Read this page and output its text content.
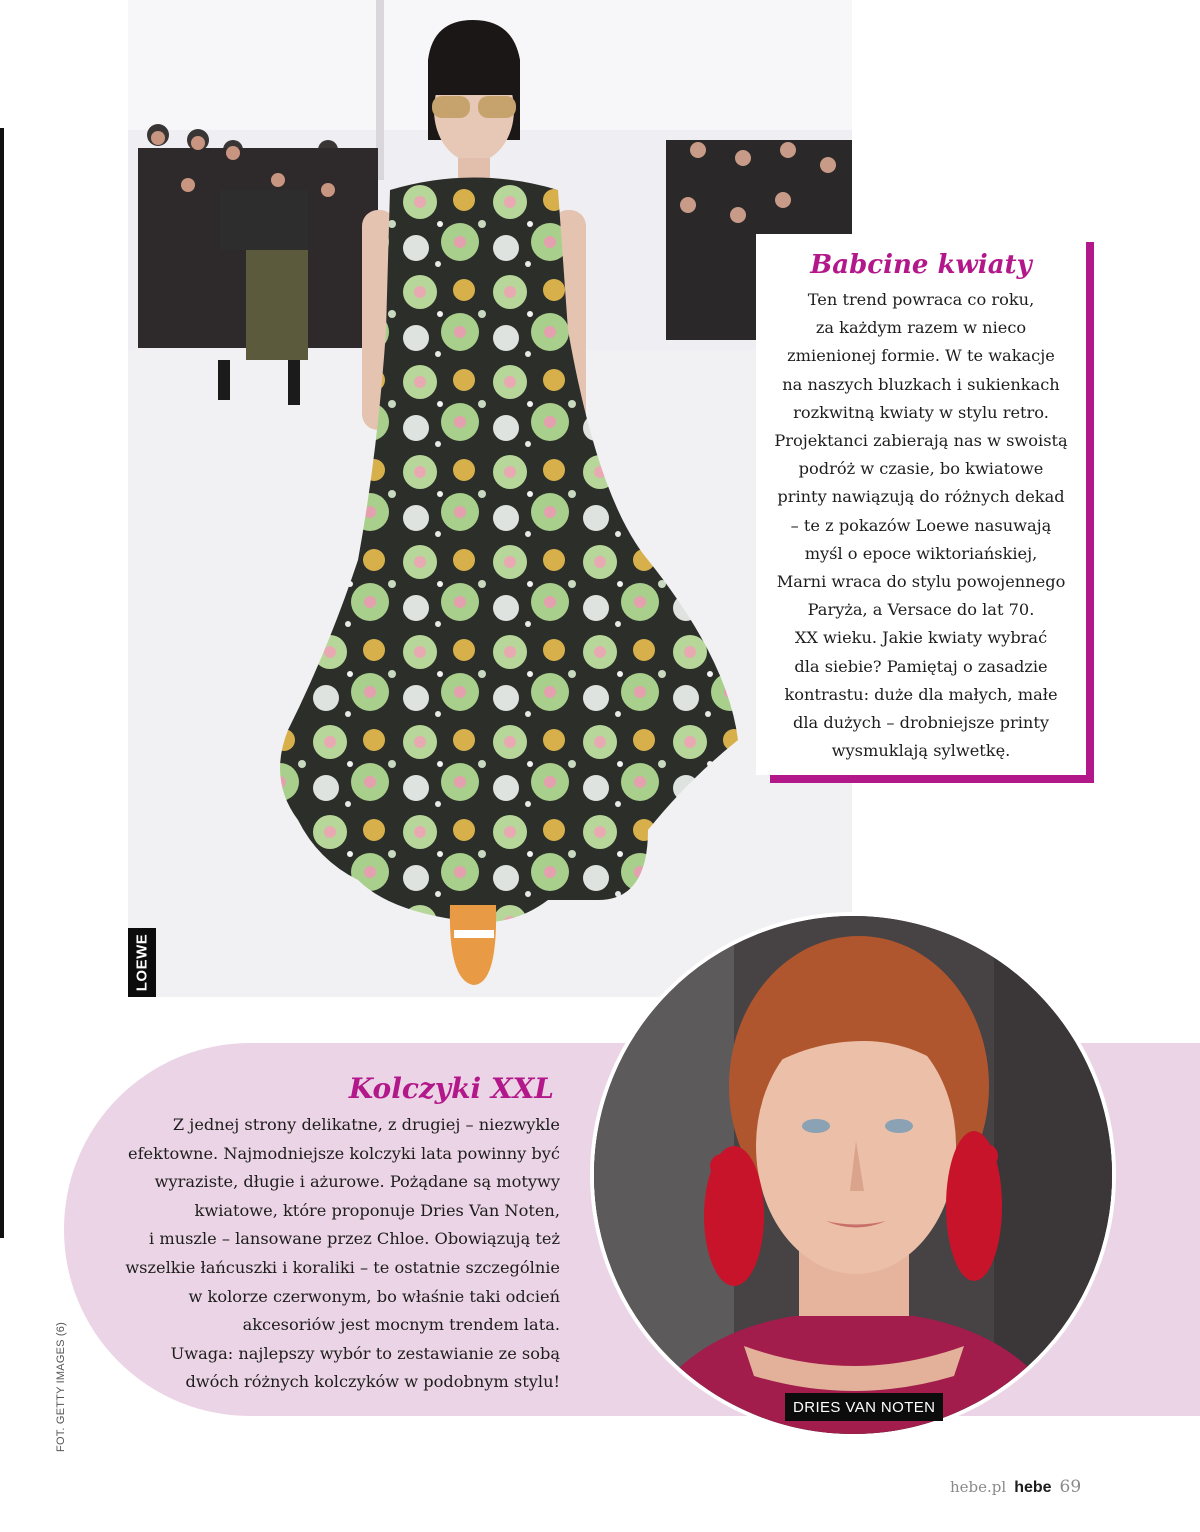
LOEWE
Babcine kwiaty

Ten trend powraca co roku,
za każdym razem w nieco
zmienionej formie. W te wakacje
na naszych bluzkach i sukienkach
rozkwitną kwiaty w stylu retro.
Projektanci zabierają nas w swoistą
podróż w czasie, bo kwiatowe
printy nawiązują do różnych dekad
– te z pokazów Loewe nasuwają
myśl o epoce wiktoriańskiej,
Marni wraca do stylu powojennego
Paryża, a Versace do lat 70.
XX wieku. Jakie kwiaty wybrać
dla siebie? Pamiętaj o zasadzie
kontrastu: duże dla małych, małe
dla dużych – drobniejsze printy
wysmuklają sylwetkę.

Kolczyki XXL

Z jednej strony delikatne, z drugiej – niezwykle
efektowne. Najmodniejsze kolczyki lata powinny być
wyraziste, długie i ażurowe. Pożądane są motywy
kwiatowe, które proponuje Dries Van Noten,
i muszle – lansowane przez Chloe. Obowiązują też
wszelkie łańcuszki i koraliki – te ostatnie szczególnie
w kolorze czerwonym, bo właśnie taki odcień
akcesoriów jest mocnym trendem lata.
Uwaga: najlepszy wybór to zestawianie ze sobą
dwóch różnych kolczyków w podobnym stylu!

DRIES VAN NOTEN
FOT. GETTY IMAGES (6)
hebe.pl hebe 69
